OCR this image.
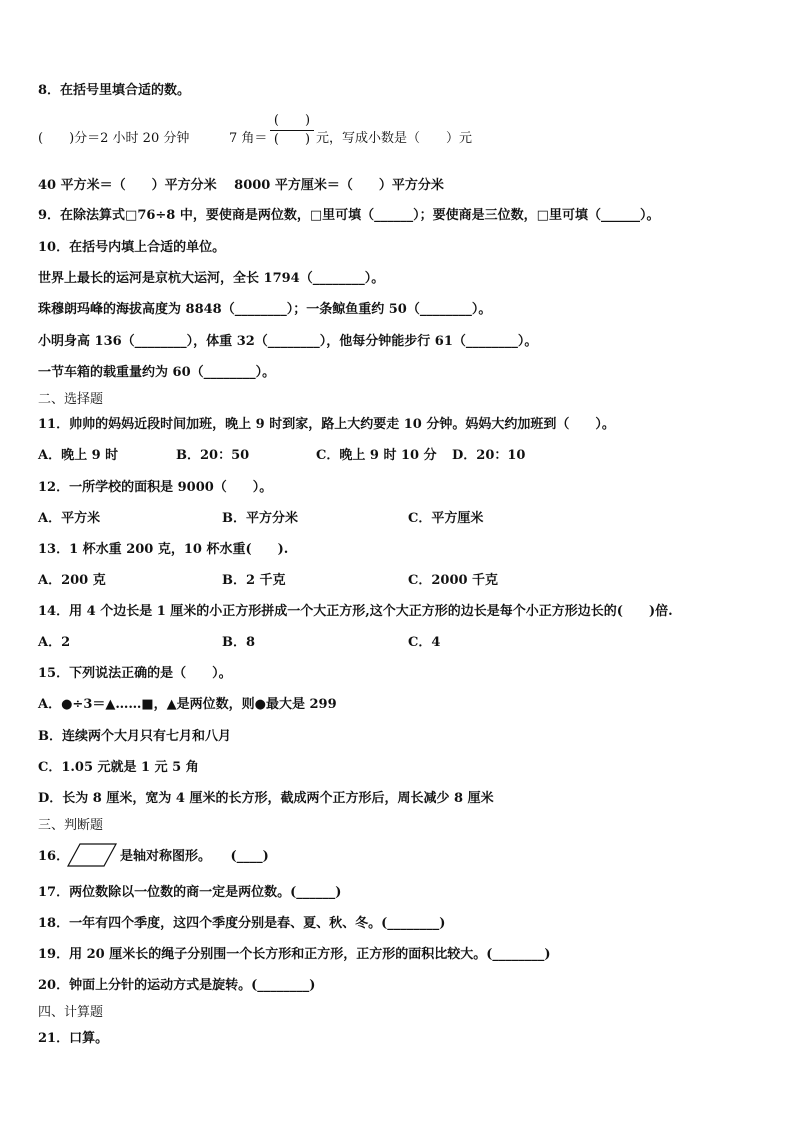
8．在括号里填合适的数。
(　　)分＝2 小时 20 分钟	7 角＝
(　　)
(　　) 元，写成小数是（　　）元
40 平方米＝（　　）平方分米　 8000 平方厘米＝（　　）平方分米
9．在除法算式□76÷8 中，要使商是两位数，□里可填（______）；要使商是三位数，□里可填（______）。
10．在括号内填上合适的单位。
世界上最长的运河是京杭大运河，全长 1794（________）。
珠穆朗玛峰的海拔高度为 8848（________）；一条鲸鱼重约 50（________）。
小明身高 136（________），体重 32（________），他每分钟能步行 61（________）。
一节车箱的载重量约为 60（________）。
二、选择题
11．帅帅的妈妈近段时间加班，晚上 9 时到家，路上大约要走 10 分钟。妈妈大约加班到（　　）。
A．晚上 9 时	B．20：50	C．晚上 9 时 10 分 D．20：10
12．一所学校的面积是 9000（　　）。
A．平方米	B．平方分米	C．平方厘米
13．1 杯水重 200 克，10 杯水重(　　).
A．200 克	B．2 千克	C．2000 千克
14．用 4 个边长是 1 厘米的小正方形拼成一个大正方形,这个大正方形的边长是每个小正方形边长的(　　)倍.
A．2	B．8	C．4
15．下列说法正确的是（　　）。
A．●÷3＝▲……■，▲是两位数，则●最大是 299
B．连续两个大月只有七月和八月
C．1.05 元就是 1 元 5 角
D．长为 8 厘米，宽为 4 厘米的长方形，截成两个正方形后，周长减少 8 厘米
三、判断题
16．	是轴对称图形。　　(____)
17．两位数除以一位数的商一定是两位数。(______)
18．一年有四个季度，这四个季度分别是春、夏、秋、冬。(________)
19．用 20 厘米长的绳子分别围一个长方形和正方形，正方形的面积比较大。(________)
20．钟面上分针的运动方式是旋转。(________)
四、计算题
21．口算。
